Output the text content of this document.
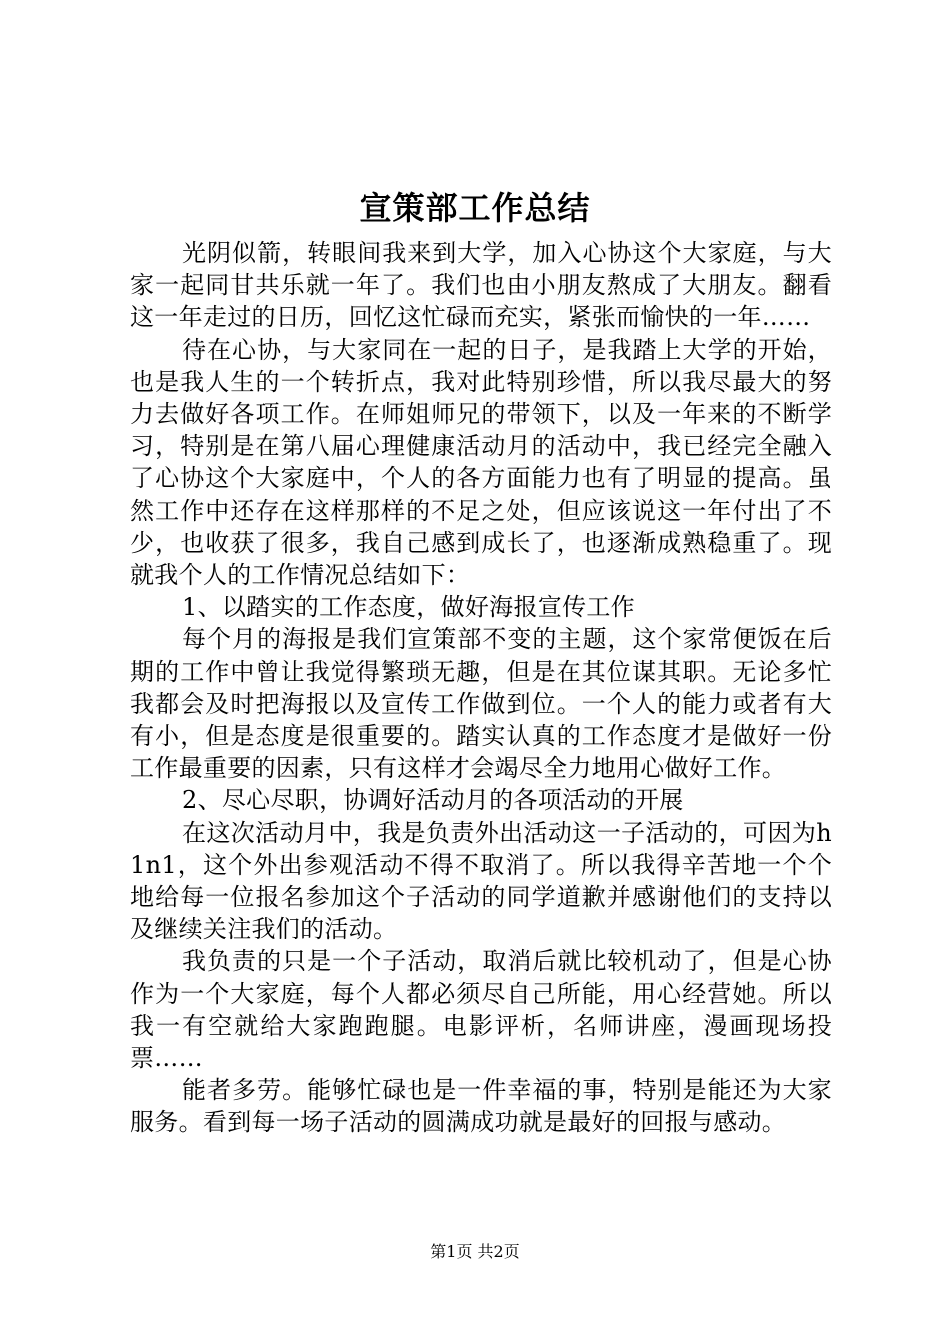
宣策部工作总结

光阴似箭，转眼间我来到大学，加入心协这个大家庭，与大家一起同甘共乐就一年了。我们也由小朋友熬成了大朋友。翻看这一年走过的日历，回忆这忙碌而充实，紧张而愉快的一年……

待在心协，与大家同在一起的日子，是我踏上大学的开始，也是我人生的一个转折点，我对此特别珍惜，所以我尽最大的努力去做好各项工作。在师姐师兄的带领下，以及一年来的不断学习，特别是在第八届心理健康活动月的活动中，我已经完全融入了心协这个大家庭中，个人的各方面能力也有了明显的提高。虽然工作中还存在这样那样的不足之处，但应该说这一年付出了不少，也收获了很多，我自己感到成长了，也逐渐成熟稳重了。现就我个人的工作情况总结如下：

1、以踏实的工作态度，做好海报宣传工作

每个月的海报是我们宣策部不变的主题，这个家常便饭在后期的工作中曾让我觉得繁琐无趣，但是在其位谋其职。无论多忙我都会及时把海报以及宣传工作做到位。一个人的能力或者有大有小，但是态度是很重要的。踏实认真的工作态度才是做好一份工作最重要的因素，只有这样才会竭尽全力地用心做好工作。

2、尽心尽职，协调好活动月的各项活动的开展

在这次活动月中，我是负责外出活动这一子活动的，可因为h1n1，这个外出参观活动不得不取消了。所以我得辛苦地一个个地给每一位报名参加这个子活动的同学道歉并感谢他们的支持以及继续关注我们的活动。

我负责的只是一个子活动，取消后就比较机动了，但是心协作为一个大家庭，每个人都必须尽自己所能，用心经营她。所以我一有空就给大家跑跑腿。电影评析，名师讲座，漫画现场投票……

能者多劳。能够忙碌也是一件幸福的事，特别是能还为大家服务。看到每一场子活动的圆满成功就是最好的回报与感动。

第1页 共2页
